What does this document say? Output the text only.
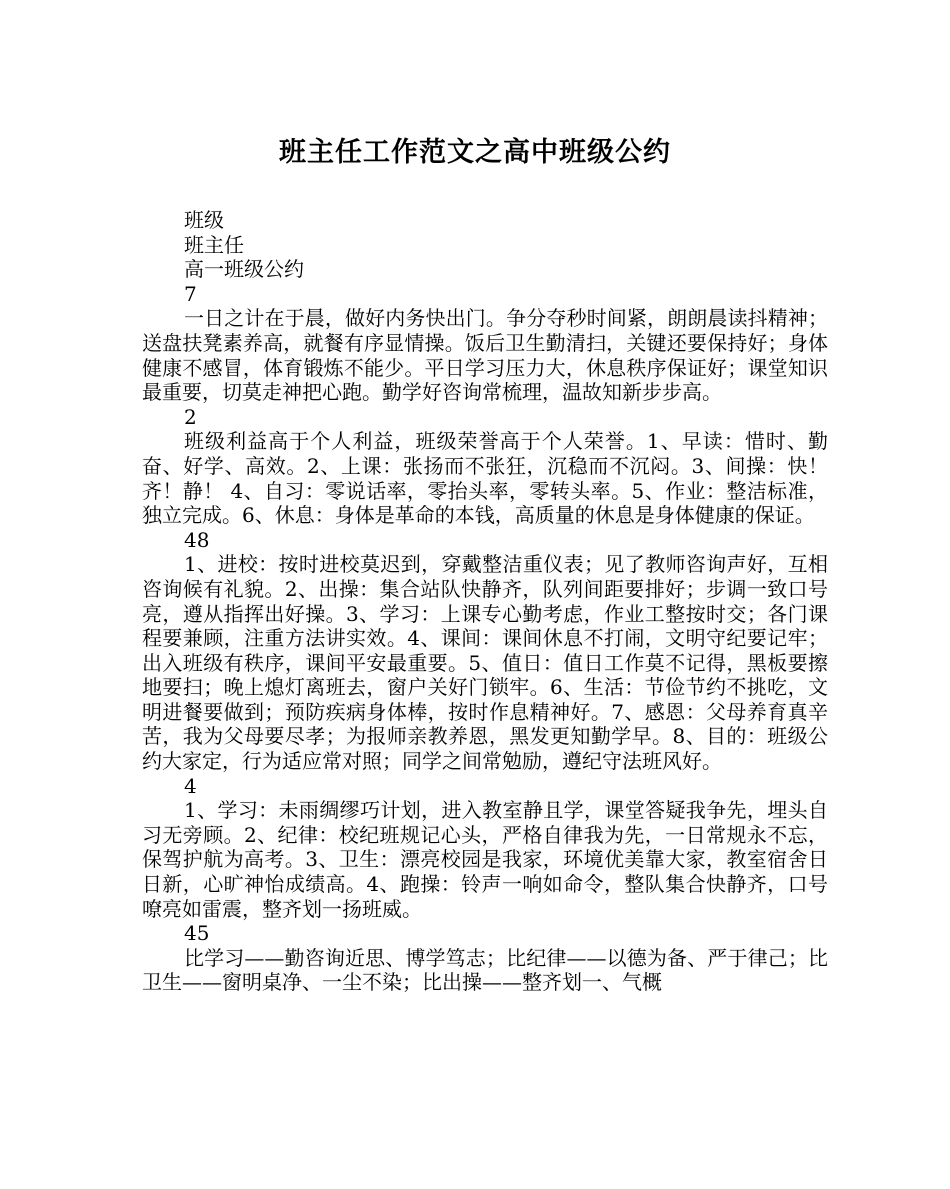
班主任工作范文之高中班级公约

班级

班主任

高一班级公约

7

一日之计在于晨，做好内务快出门。争分夺秒时间紧，朗朗晨读抖精神；送盘扶凳素养高，就餐有序显情操。饭后卫生勤清扫，关键还要保持好；身体健康不感冒，体育锻炼不能少。平日学习压力大，休息秩序保证好；课堂知识最重要，切莫走神把心跑。勤学好咨询常梳理，温故知新步步高。

2

班级利益高于个人利益，班级荣誉高于个人荣誉。1、早读：惜时、勤奋、好学、高效。2、上课：张扬而不张狂，沉稳而不沉闷。3、间操：快！齐！静！ 4、自习：零说话率，零抬头率，零转头率。5、作业：整洁标准，独立完成。6、休息：身体是革命的本钱，高质量的休息是身体健康的保证。

48

1、进校：按时进校莫迟到，穿戴整洁重仪表；见了教师咨询声好，互相咨询候有礼貌。2、出操：集合站队快静齐，队列间距要排好；步调一致口号亮，遵从指挥出好操。3、学习：上课专心勤考虑，作业工整按时交；各门课程要兼顾，注重方法讲实效。4、课间：课间休息不打闹，文明守纪要记牢；出入班级有秩序，课间平安最重要。5、值日：值日工作莫不记得，黑板要擦地要扫；晚上熄灯离班去，窗户关好门锁牢。6、生活：节俭节约不挑吃，文明进餐要做到；预防疾病身体棒，按时作息精神好。7、感恩：父母养育真辛苦，我为父母要尽孝；为报师亲教养恩，黑发更知勤学早。8、目的：班级公约大家定，行为适应常对照；同学之间常勉励，遵纪守法班风好。

4

1、学习：未雨绸缪巧计划，进入教室静且学，课堂答疑我争先，埋头自习无旁顾。2、纪律：校纪班规记心头，严格自律我为先，一日常规永不忘，保驾护航为高考。3、卫生：漂亮校园是我家，环境优美靠大家，教室宿舍日日新，心旷神怡成绩高。4、跑操：铃声一响如命令，整队集合快静齐，口号嘹亮如雷震，整齐划一扬班威。

45

比学习——勤咨询近思、博学笃志；比纪律——以德为备、严于律己；比卫生——窗明桌净、一尘不染；比出操——整齐划一、气概
